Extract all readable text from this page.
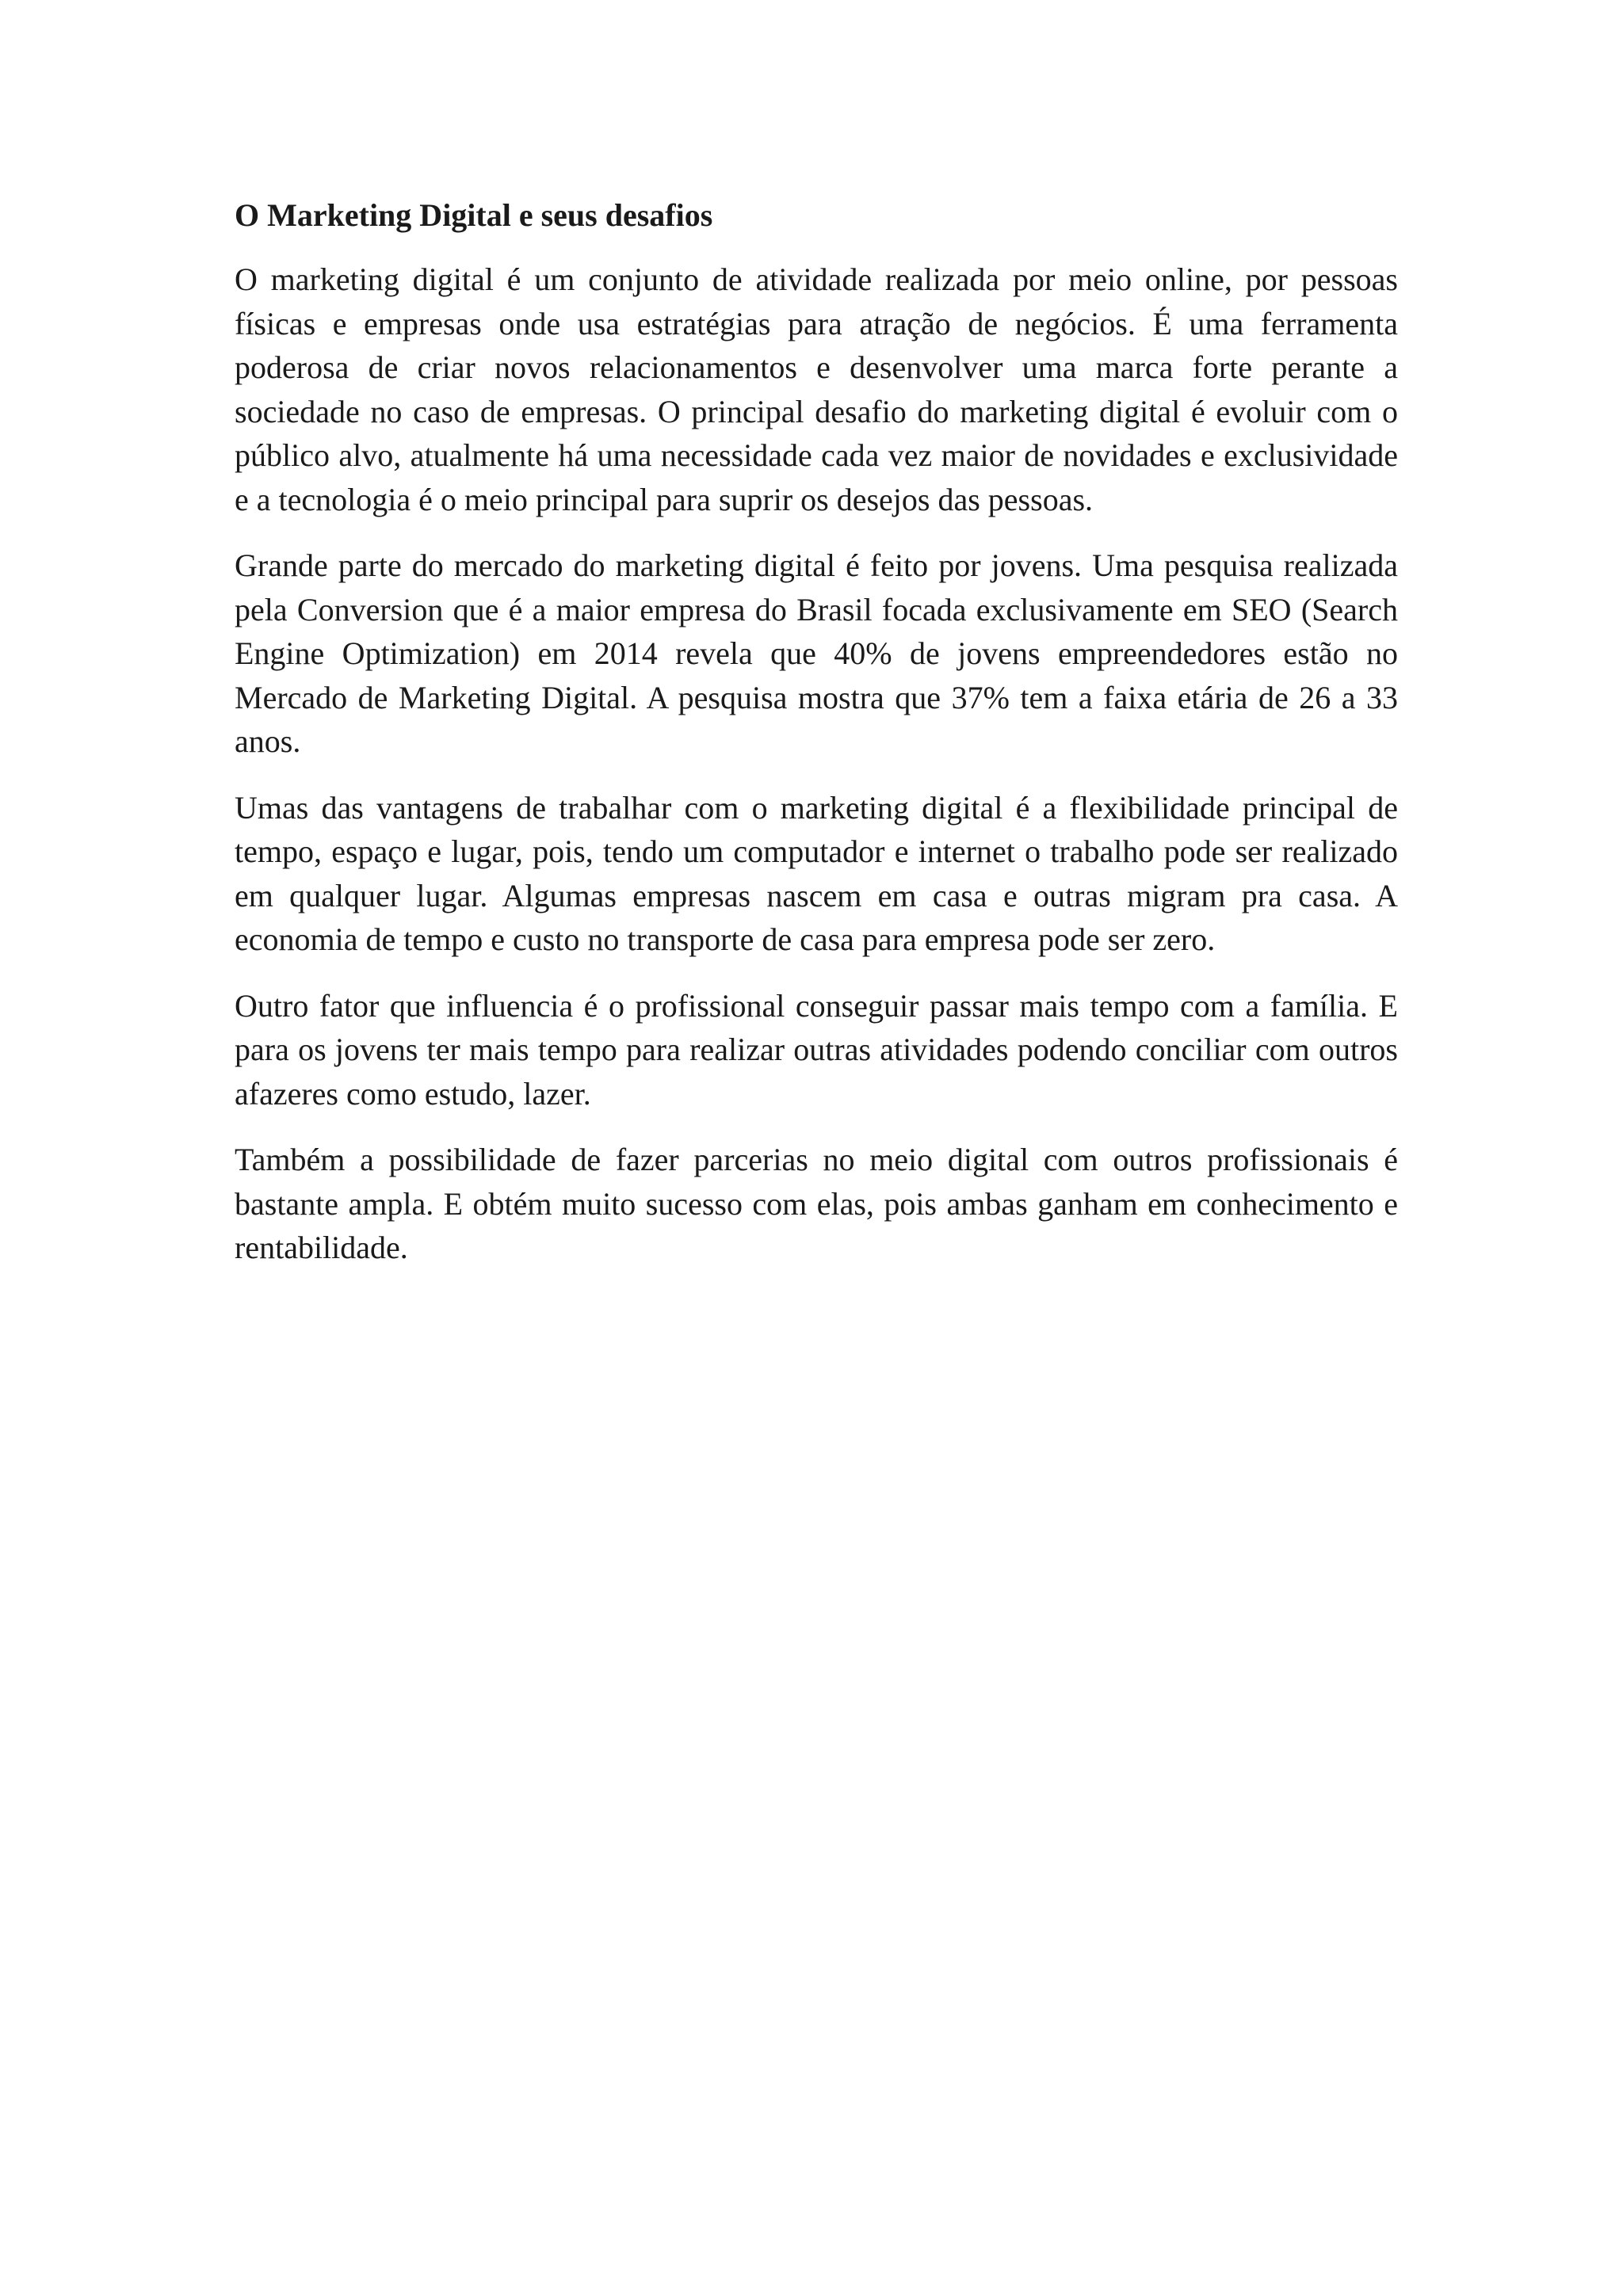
O Marketing Digital e seus desafios

O marketing digital é um conjunto de atividade realizada por meio online, por pessoas físicas e empresas onde usa estratégias para atração de negócios. É uma ferramenta poderosa de criar novos relacionamentos e desenvolver uma marca forte perante a sociedade no caso de empresas. O principal desafio do marketing digital é evoluir com o público alvo, atualmente há uma necessidade cada vez maior de novidades e exclusividade e a tecnologia é o meio principal para suprir os desejos das pessoas.

Grande parte do mercado do marketing digital é feito por jovens. Uma pesquisa realizada pela Conversion que é a maior empresa do Brasil focada exclusivamente em SEO (Search Engine Optimization) em 2014 revela que 40% de jovens empreendedores estão no Mercado de Marketing Digital. A pesquisa mostra que 37% tem a faixa etária de 26 a 33 anos.

Umas das vantagens de trabalhar com o marketing digital é a flexibilidade principal de tempo, espaço e lugar, pois, tendo um computador e internet o trabalho pode ser realizado em qualquer lugar. Algumas empresas nascem em casa e outras migram pra casa. A economia de tempo e custo no transporte de casa para empresa pode ser zero.

Outro fator que influencia é o profissional conseguir passar mais tempo com a família. E para os jovens ter mais tempo para realizar outras atividades podendo conciliar com outros afazeres como estudo, lazer.

Também a possibilidade de fazer parcerias no meio digital com outros profissionais é bastante ampla. E obtém muito sucesso com elas, pois ambas ganham em conhecimento e rentabilidade.
